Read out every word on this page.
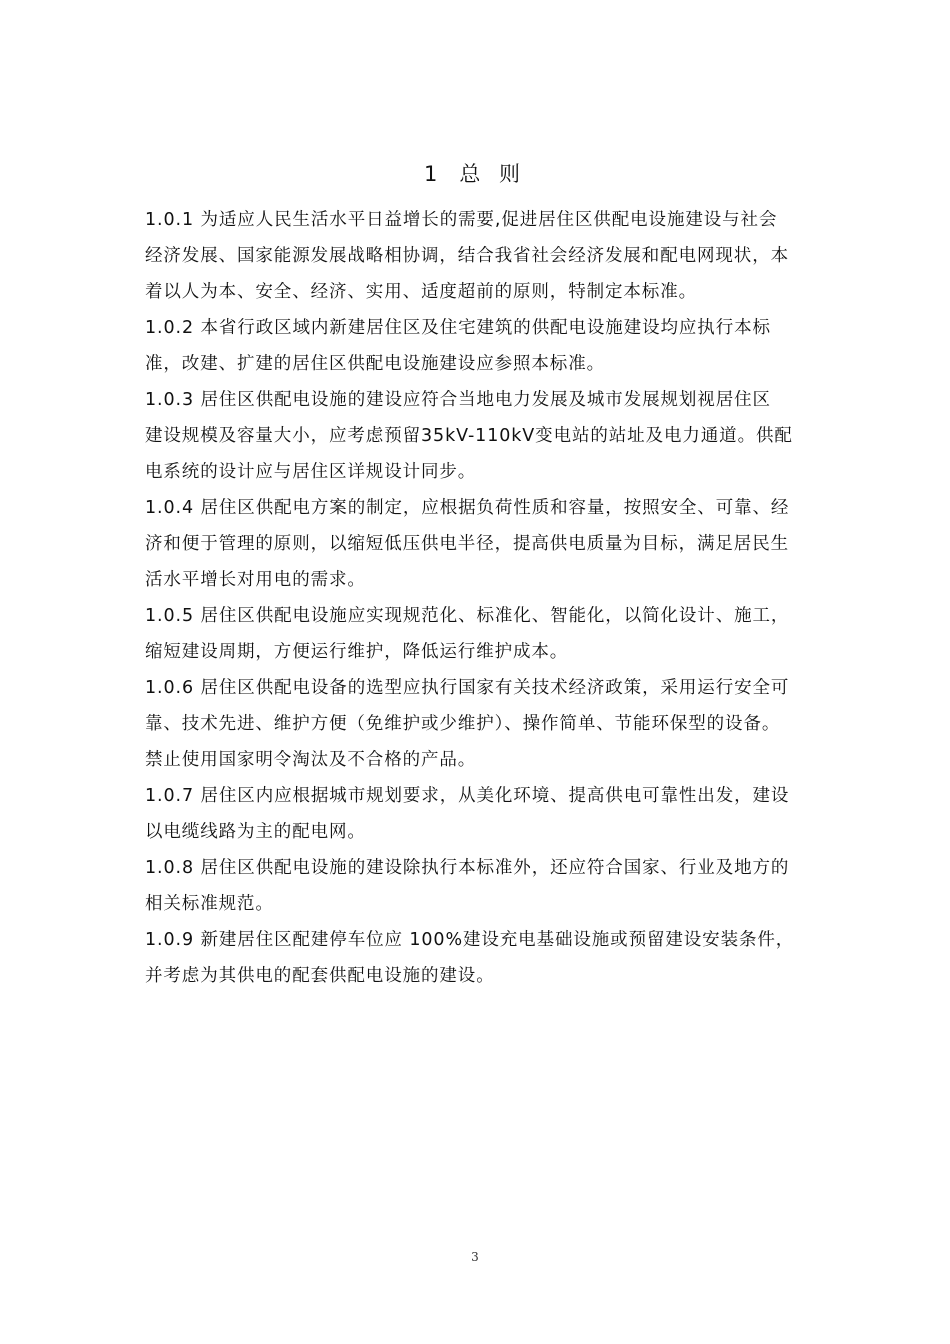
1 总 则

1.0.1 为适应人民生活水平日益增长的需要,促进居住区供配电设施建设与社会
经济发展、国家能源发展战略相协调，结合我省社会经济发展和配电网现状，本
着以人为本、安全、经济、实用、适度超前的原则，特制定本标准。

1.0.2 本省行政区域内新建居住区及住宅建筑的供配电设施建设均应执行本标
准，改建、扩建的居住区供配电设施建设应参照本标准。

1.0.3 居住区供配电设施的建设应符合当地电力发展及城市发展规划视居住区
建设规模及容量大小，应考虑预留35kV-110kV变电站的站址及电力通道。供配
电系统的设计应与居住区详规设计同步。

1.0.4 居住区供配电方案的制定，应根据负荷性质和容量，按照安全、可靠、经
济和便于管理的原则，以缩短低压供电半径，提高供电质量为目标，满足居民生
活水平增长对用电的需求。

1.0.5 居住区供配电设施应实现规范化、标准化、智能化，以简化设计、施工，
缩短建设周期，方便运行维护，降低运行维护成本。

1.0.6 居住区供配电设备的选型应执行国家有关技术经济政策，采用运行安全可
靠、技术先进、维护方便（免维护或少维护）、操作简单、节能环保型的设备。
禁止使用国家明令淘汰及不合格的产品。

1.0.7 居住区内应根据城市规划要求，从美化环境、提高供电可靠性出发，建设
以电缆线路为主的配电网。

1.0.8 居住区供配电设施的建设除执行本标准外，还应符合国家、行业及地方的
相关标准规范。

1.0.9 新建居住区配建停车位应 100%建设充电基础设施或预留建设安装条件，
并考虑为其供电的配套供配电设施的建设。

3
